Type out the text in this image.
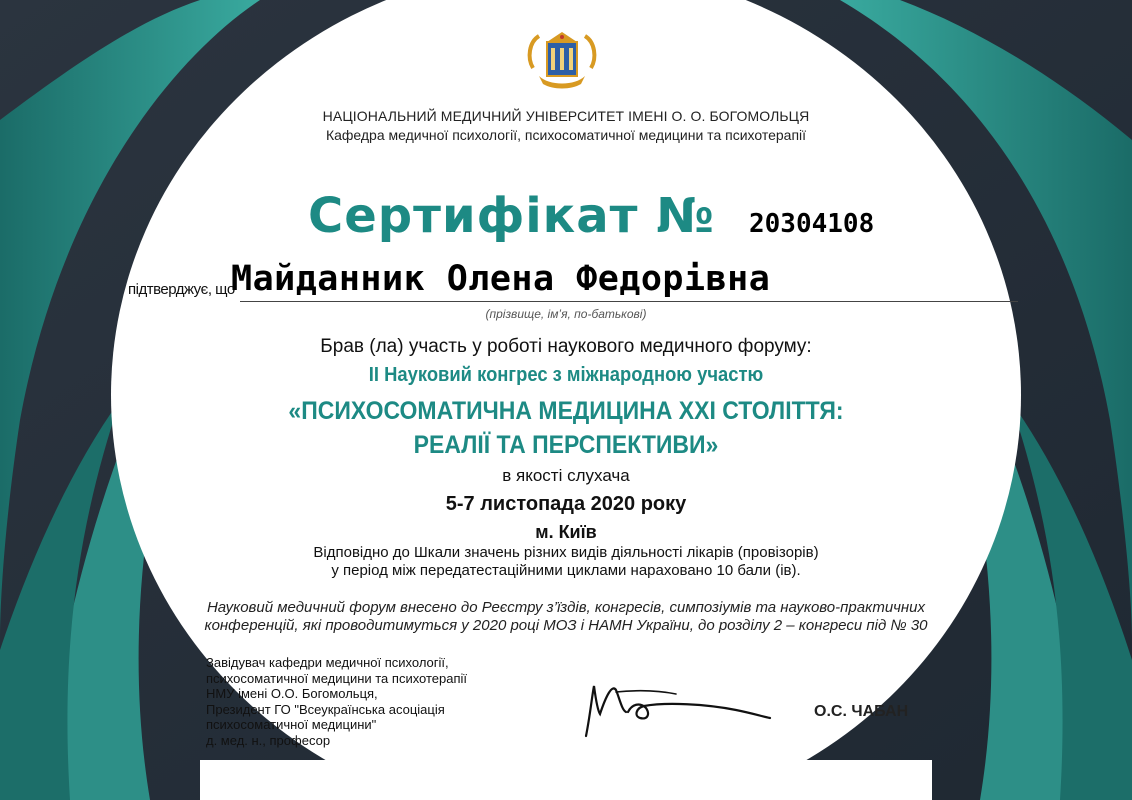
НАЦІОНАЛЬНИЙ МЕДИЧНИЙ УНІВЕРСИТЕТ ІМЕНІ О. О. БОГОМОЛЬЦЯ
Кафедра медичної психології, психосоматичної медицини та психотерапії
Сертифікат № 20304108
підтверджує, що
Майданник Олена Федорівна
(прізвище, ім’я, по-батькові)
Брав (ла) участь у роботі наукового медичного форуму:
ІІ Науковий конгрес з міжнародною участю
«ПСИХОСОМАТИЧНА МЕДИЦИНА ХХІ СТОЛІТТЯ:
РЕАЛІЇ ТА ПЕРСПЕКТИВИ»
в якості слухача
5-7 листопада 2020 року
м. Київ
Відповідно до Шкали значень різних видів діяльності лікарів (провізорів)
у період між передатестаційними циклами нараховано 10 бали (ів).
Науковий медичний форум внесено до Реєстру з’їздів, конгресів, симпозіумів та науково-практичних
конференцій, які проводитимуться у 2020 році МОЗ і НАМН України, до розділу 2 – конгреси під № 30
Завідувач кафедри медичної психології,
психосоматичної медицини та психотерапії
НМУ імені О.О. Богомольця,
Президент ГО "Всеукраїнська асоціація
психосоматичної медицини"
д. мед. н., професор
О.С. ЧАБАН
